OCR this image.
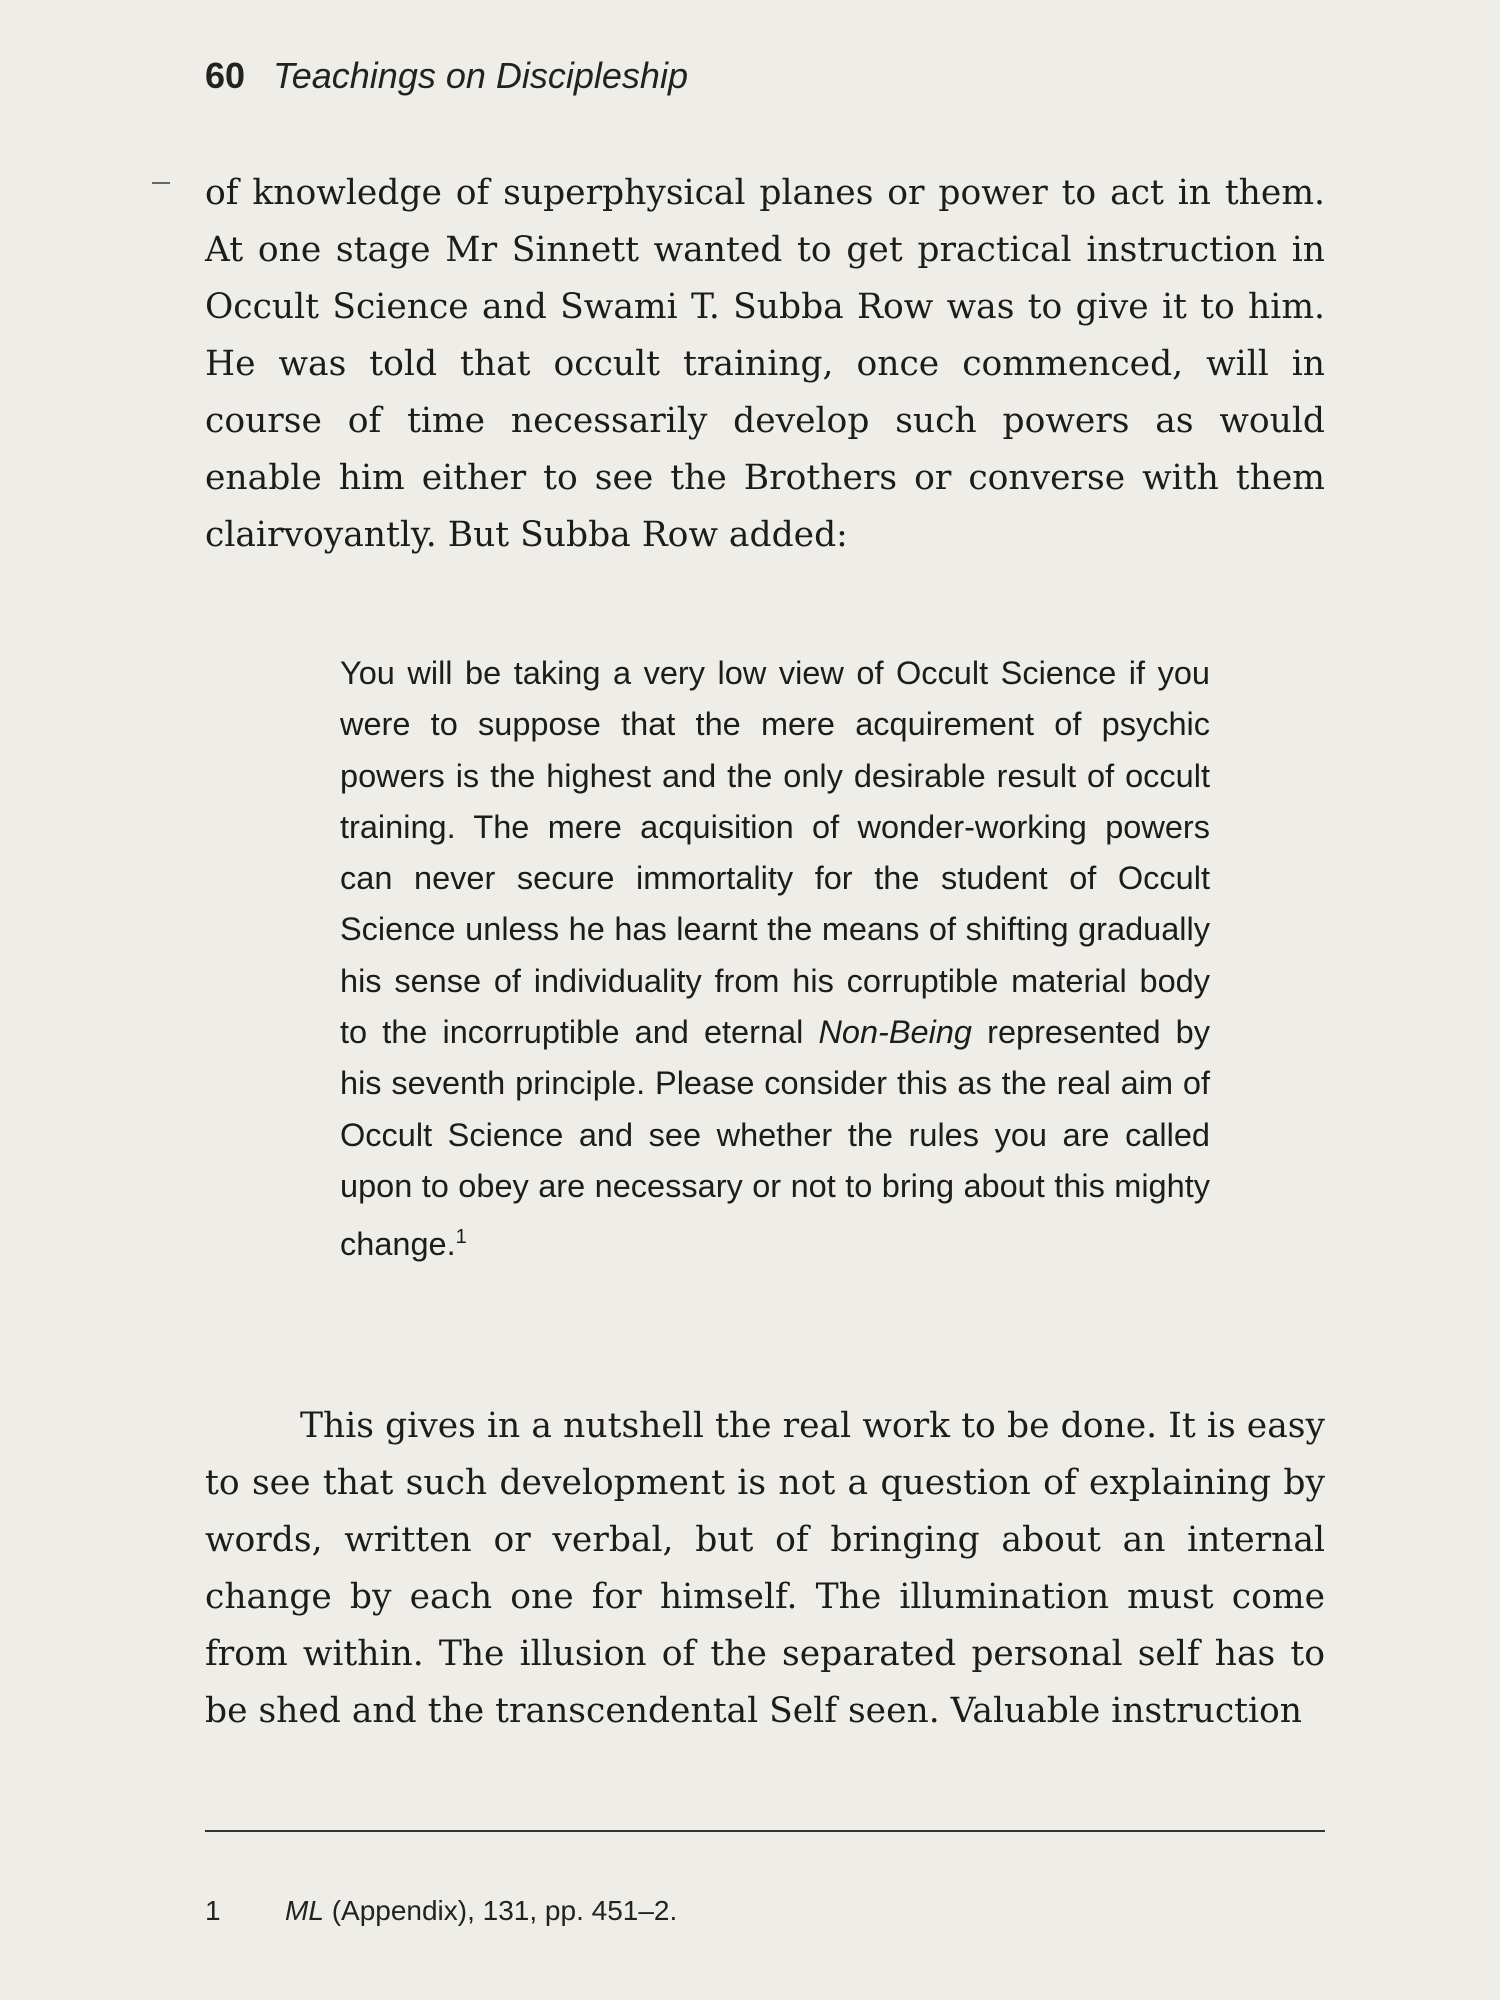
60 Teachings on Discipleship

of knowledge of superphysical planes or power to act in them. At one stage Mr Sinnett wanted to get practical instruction in Occult Science and Swami T. Subba Row was to give it to him. He was told that occult training, once commenced, will in course of time necessarily develop such powers as would enable him either to see the Brothers or converse with them clairvoyantly. But Subba Row added:

You will be taking a very low view of Occult Science if you were to suppose that the mere acquirement of psychic powers is the highest and the only desirable result of occult training. The mere acquisition of wonder-working powers can never secure immortality for the student of Occult Science unless he has learnt the means of shifting gradually his sense of individuality from his corruptible material body to the incorruptible and eternal Non-Being represented by his seventh principle. Please consider this as the real aim of Occult Science and see whether the rules you are called upon to obey are necessary or not to bring about this mighty change.$^1$

This gives in a nutshell the real work to be done. It is easy to see that such development is not a question of explaining by words, written or verbal, but of bringing about an internal change by each one for himself. The illumination must come from within. The illusion of the separated personal self has to be shed and the transcendental Self seen. Valuable instruction

1 ML (Appendix), 131, pp. 451–2.
